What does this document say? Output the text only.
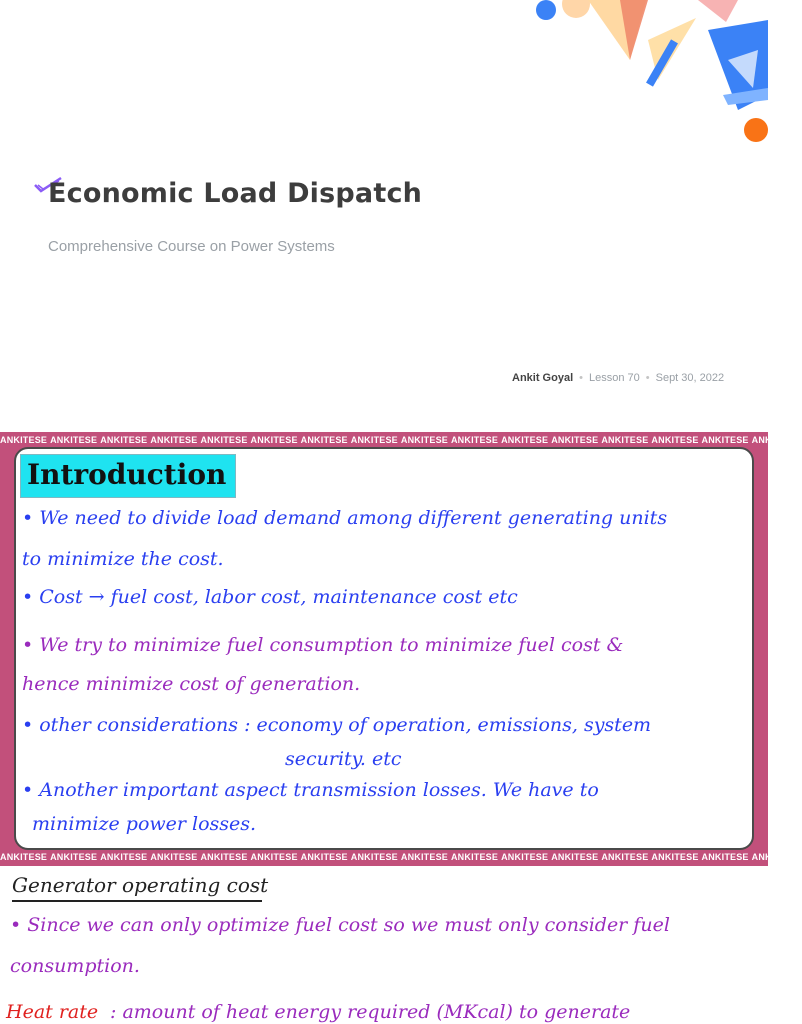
Economic Load Dispatch
Comprehensive Course on Power Systems
Ankit Goyal • Lesson 70 • Sept 30, 2022
ANKITESE ANKITESE ANKITESE ANKITESE ANKITESE ANKITESE ANKITESE ANKITESE ANKITESE ANKITESE ANKITESE ANKITESE ANKITESE ANKITESE ANKITESE ANKITESE
ANKITESE ANKITESE ANKITESE ANKITESE ANKITESE ANKITESE ANKITESE ANKITESE ANKITESE ANKITESE ANKITESE ANKITESE ANKITESE ANKITESE ANKITESE ANKITESE
Introduction
• We need to divide load demand among different generating units
to minimize the cost.
• Cost → fuel cost, labor cost, maintenance cost etc
• We try to minimize fuel consumption to minimize fuel cost &
hence minimize cost of generation.
• other considerations : economy of operation, emissions, system
security. etc
• Another important aspect transmission losses. We have to
minimize power losses.
Generator operating cost
• Since we can only optimize fuel cost so we must only consider fuel
consumption.
Heat rate : amount of heat energy required (MKcal) to generate
